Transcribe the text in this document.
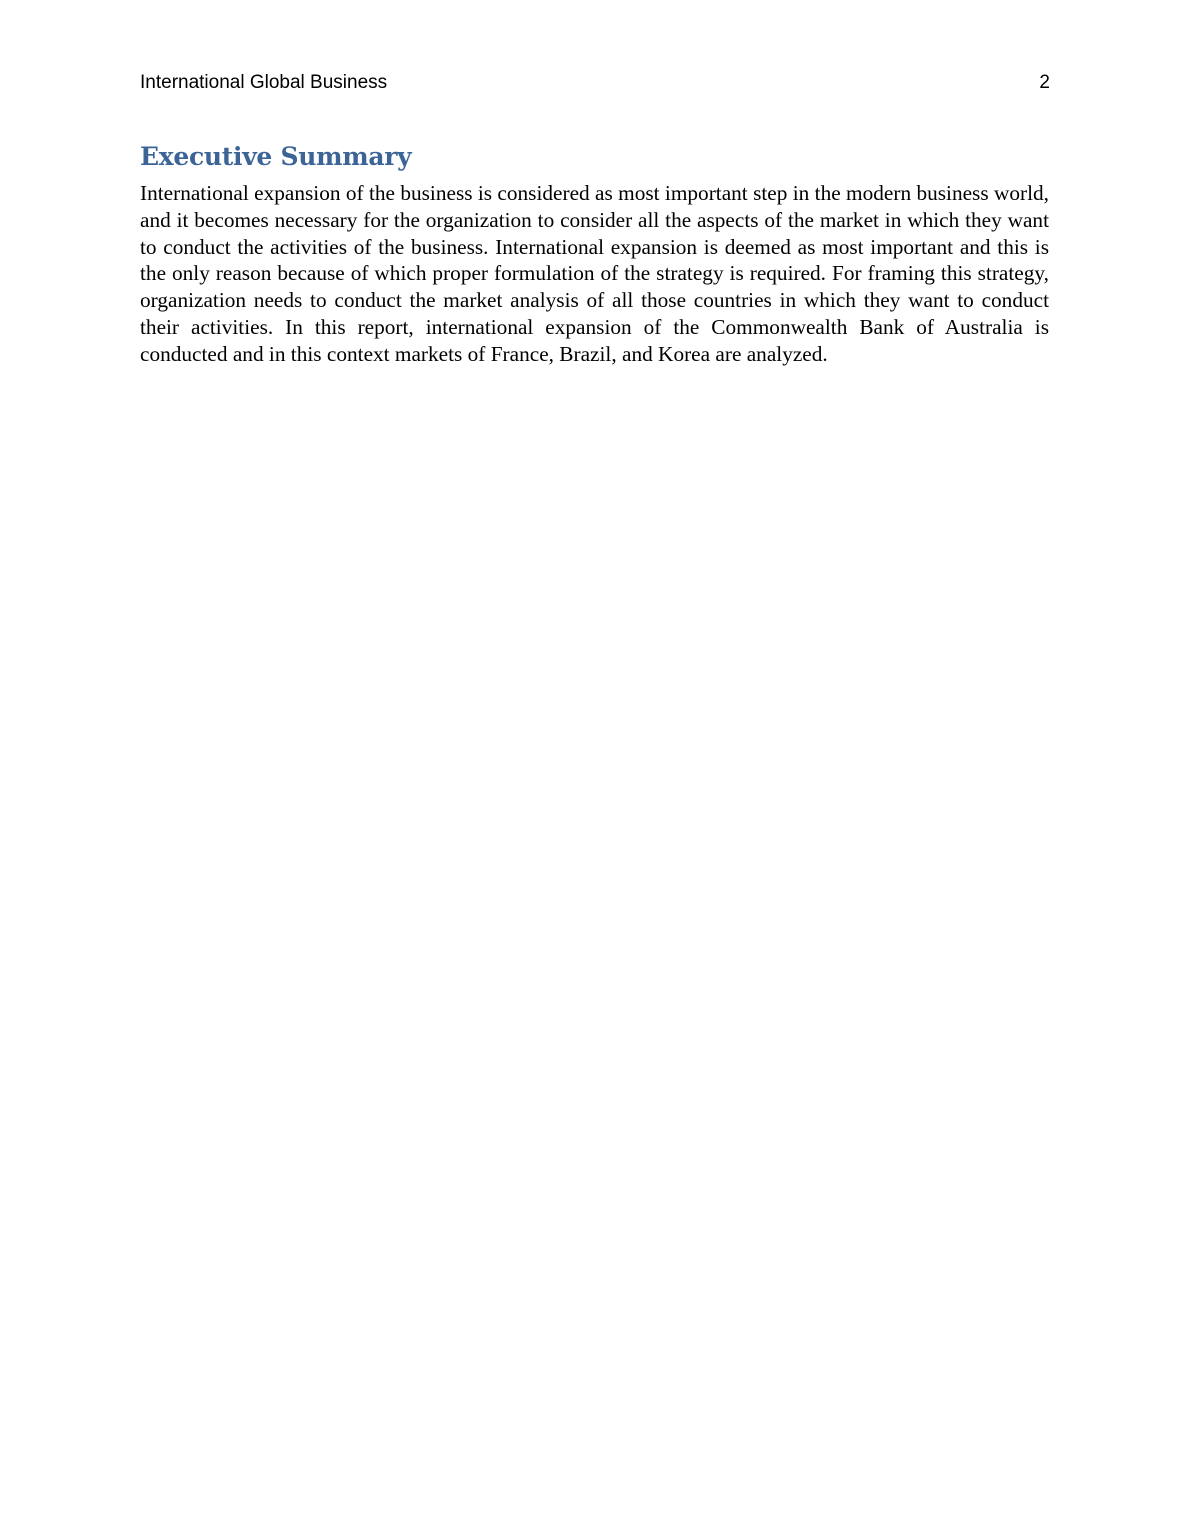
International Global Business	2
Executive Summary

International expansion of the business is considered as most important step in the modern business world, and it becomes necessary for the organization to consider all the aspects of the market in which they want to conduct the activities of the business. International expansion is deemed as most important and this is the only reason because of which proper formulation of the strategy is required. For framing this strategy, organization needs to conduct the market analysis of all those countries in which they want to conduct their activities. In this report, international expansion of the Commonwealth Bank of Australia is conducted and in this context markets of France, Brazil, and Korea are analyzed.
